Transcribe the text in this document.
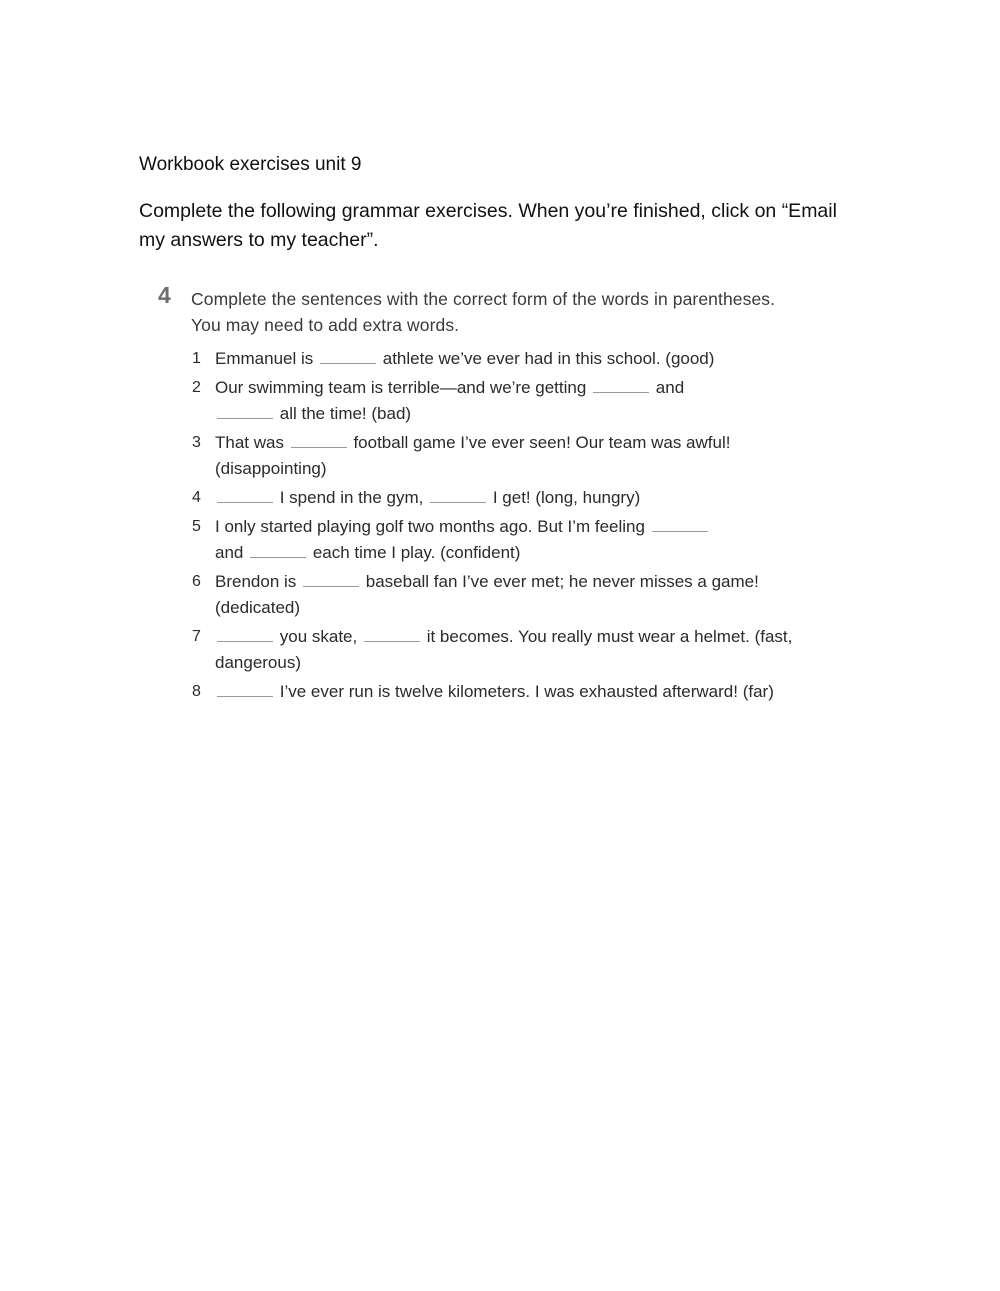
Workbook exercises unit 9
Complete the following grammar exercises. When you’re finished, click on “Email my answers to my teacher”.
4 Complete the sentences with the correct form of the words in parentheses. You may need to add extra words.
1 Emmanuel is	athlete we’ve ever had in this school. (good)
2 Our swimming team is terrible—and we’re getting	and
all the time! (bad)
3 That was	football game I’ve ever seen! Our team was awful! (disappointing)
4	I spend in the gym,	I get! (long, hungry)
5 I only started playing golf two months ago. But I’m feeling
and	each time I play. (confident)
6 Brendon is	baseball fan I’ve ever met; he never misses a game! (dedicated)
7	you skate,	it becomes. You really must wear a helmet. (fast, dangerous)
8	I’ve ever run is twelve kilometers. I was exhausted afterward! (far)
